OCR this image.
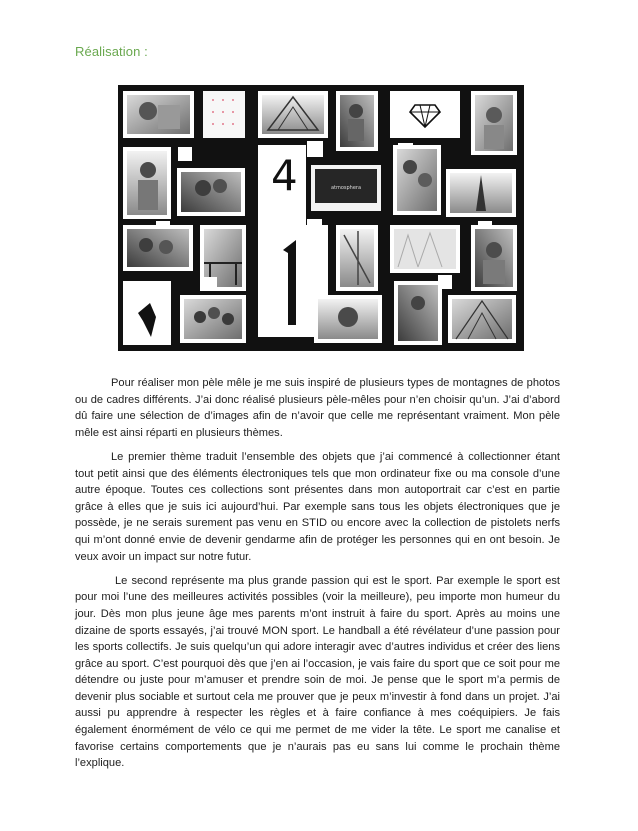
Réalisation :
4	atmosphera

Pour réaliser mon pèle mêle je me suis inspiré de plusieurs types de montagnes de photos ou de cadres différents. J’ai donc réalisé plusieurs pèle-mêles pour n’en choisir qu’un. J’ai d’abord dû faire une sélection de d’images afin de n’avoir que celle me représentant vraiment. Mon pèle mêle est ainsi réparti en plusieurs thèmes.

Le premier thème traduit l’ensemble des objets que j’ai commencé à collectionner étant tout petit ainsi que des éléments électroniques tels que mon ordinateur fixe ou ma console d’une autre époque. Toutes ces collections sont présentes dans mon autoportrait car c’est en partie grâce à elles que je suis ici aujourd’hui. Par exemple sans tous les objets électroniques que je possède, je ne serais surement pas venu en STID ou encore avec la collection de pistolets nerfs qui m’ont donné envie de devenir gendarme afin de protéger les personnes qui en ont besoin. Je veux avoir un impact sur notre futur.

Le second représente ma plus grande passion qui est le sport. Par exemple le sport est pour moi l’une des meilleures activités possibles (voir la meilleure), peu importe mon humeur du jour. Dès mon plus jeune âge mes parents m’ont instruit à faire du sport. Après au moins une dizaine de sports essayés, j’ai trouvé MON sport. Le handball a été révélateur d’une passion pour les sports collectifs. Je suis quelqu’un qui adore interagir avec d’autres individus et créer des liens grâce au sport. C’est pourquoi dès que j’en ai l’occasion, je vais faire du sport que ce soit pour me détendre ou juste pour m’amuser et prendre soin de moi. Je pense que le sport m’a permis de devenir plus sociable et surtout cela me prouver que je peux m’investir à fond dans un projet. J’ai aussi pu apprendre à respecter les règles et à faire confiance à mes coéquipiers. Je fais également énormément de vélo ce qui me permet de me vider la tête. Le sport me canalise et favorise certains comportements que je n’aurais pas eu sans lui comme le prochain thème l’explique.
